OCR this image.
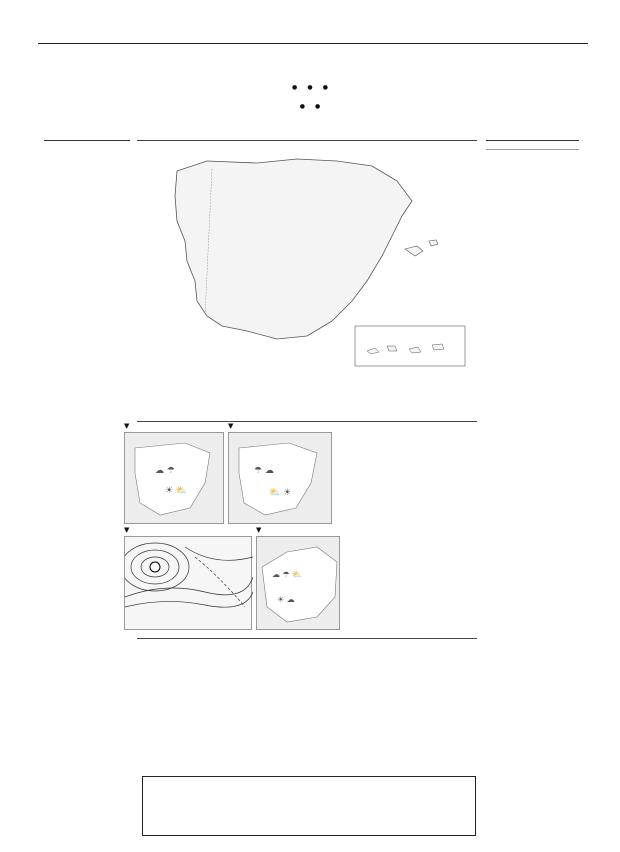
● ● ●
● ●

▼	▼
☁ ☂
☀ ⛅
☂ ☁
⛅ ☀
▼	▼
☁ ☂ ⛅
☀ ☁
